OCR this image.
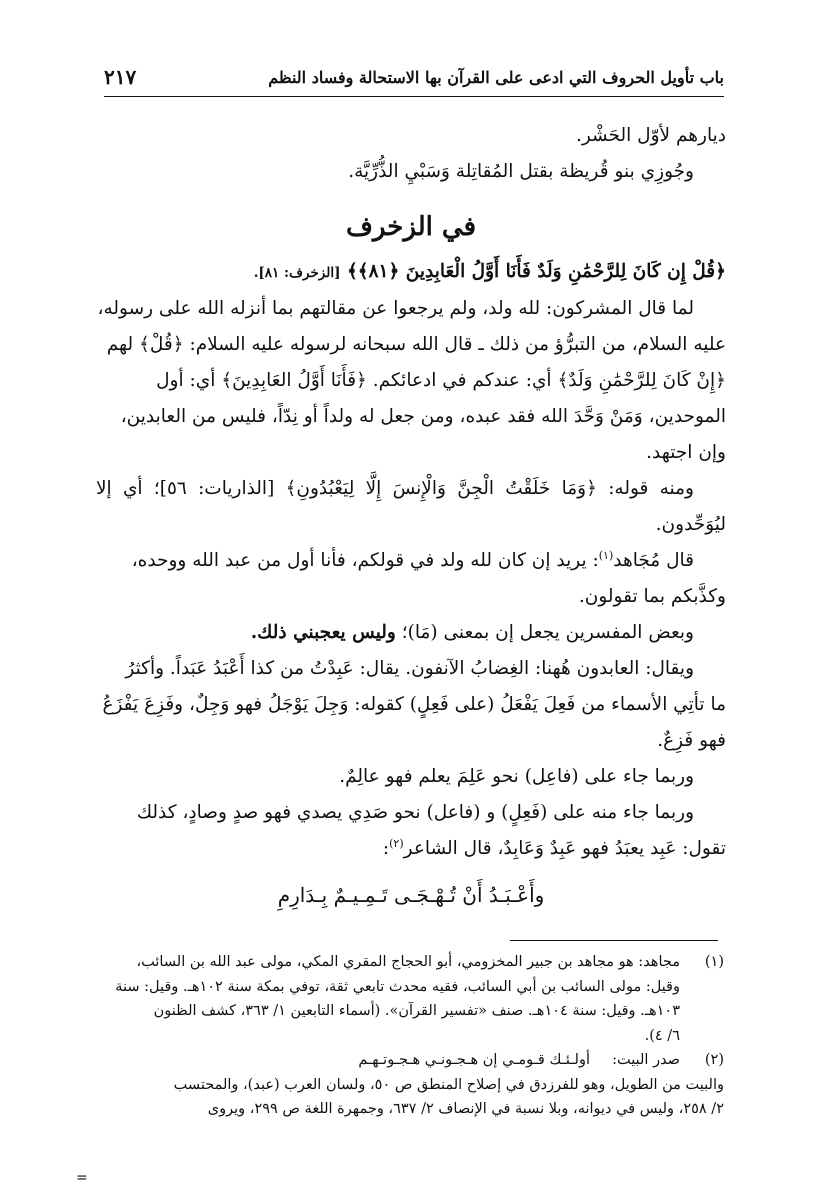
باب تأويل الحروف التي ادعى على القرآن بها الاستحالة وفساد النظم
٢١٧

ديارهم لأوّل الحَشْر.

وجُوزِي بنو قُريظة بقتل المُقاتِلة وَسَبْيِ الذُّرِّيَّة.

في الزخرف

﴿قُلْ إِن كَانَ لِلرَّحْمَٰنِ وَلَدٌ فَأَنَا أَوَّلُ الْعَابِدِينَ ﴿٨١﴾﴾ [الزخرف: ٨١].

لما قال المشركون: لله ولد، ولم يرجعوا عن مقالتهم بما أنزله الله على رسوله،

عليه السلام، من التبرُّؤ من ذلك ـ قال الله سبحانه لرسوله عليه السلام: ﴿قُلْ﴾ لهم

﴿إِنْ كَانَ لِلرَّحْمَٰنِ وَلَدٌ﴾ أي: عندكم في ادعائكم. ﴿فَأَنَا أَوَّلُ العَابِدِينَ﴾ أي: أول

الموحدين، وَمَنْ وَحَّدَ الله فقد عبده، ومن جعل له ولداً أو نِدّاً، فليس من العابدين،

وإن اجتهد.

ومنه قوله: ﴿وَمَا خَلَقْتُ الْجِنَّ وَالْإِنسَ إِلَّا لِيَعْبُدُونِ﴾ [الذاريات: ٥٦]؛ أي إلا ليُوَحِّدون.

قال مُجَاهد$^{(١)}$: يريد إن كان لله ولد في قولكم، فأنا أول من عبد الله ووحده،

وكذَّبكم بما تقولون.

وبعض المفسرين يجعل إن بمعنى (مَا)؛ وليس يعجبني ذلك.

ويقال: العابدون هُهنا: الغِضابُ الآنفون. يقال: عَبِدْتُ من كذا أَعْبَدُ عَبَداً. وأكثرُ

ما تأتِي الأسماء من فَعِلَ يَفْعَلُ (على فَعِلٍ) كقوله: وَجِلَ يَوْجَلُ فهو وَجِلٌ، وفَزِعَ يَفْزَعُ

فهو فَزِعٌ.

وربما جاء على (فاعِل) نحو عَلِمَ يعلم فهو عالِمٌ.

وربما جاء منه على (فَعِلٍ) و (فاعل) نحو صَدِي يصدي فهو صدٍ وصادٍ، كذلك

تقول: عَبِد يعبَدُ فهو عَبِدٌ وَعَابِدٌ، قال الشاعر$^{(٢)}$:

وأَعْـبَـدُ أَنْ تُـهْـجَـى تَـمِـيـمٌ بِـدَارِمِ

(١)
مجاهد: هو مجاهد بن جبير المخزومي، أبو الحجاج المقري المكي، مولى عبد الله بن السائب،
وقيل: مولى السائب بن أبي السائب، فقيه محدث تابعي ثقة، توفي بمكة سنة ١٠٢هـ. وقيل: سنة
١٠٣هـ. وقيل: سنة ١٠٤هـ. صنف «تفسير القرآن». (أسماء التابعين ١/ ٣٦٣، كشف الظنون
٦/ ٤).
(٢)
صدر البيت:
أولـئـك قـومـي إن هـجـونـي هـجـوتـهـم
والبيت من الطويل، وهو للفرزدق في إصلاح المنطق ص ٥٠، ولسان العرب (عبد)، والمحتسب
٢/ ٢٥٨، وليس في ديوانه، وبلا نسبة في الإنصاف ٢/ ٦٣٧، وجمهرة اللغة ص ٢٩٩، ويروى
=
